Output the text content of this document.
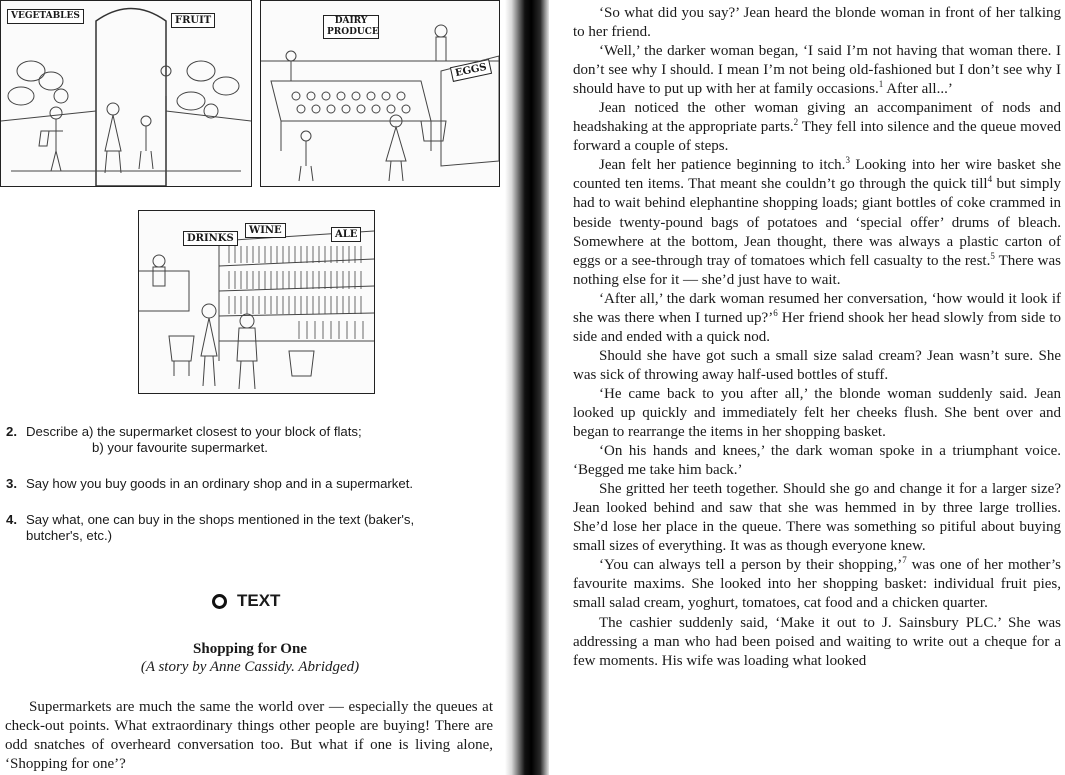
VEGETABLES	FRUIT	DAIRY PRODUCE
EGGS
DRINKS
WINE	ALE
2. Describe a) the supermarket closest to your block of flats;
b) your favourite supermarket.
3. Say how you buy goods in an ordinary shop and in a supermarket.
4. Say what, one can buy in the shops mentioned in the text (baker's,
butcher's, etc.)
TEXT
Shopping for One
(A story by Anne Cassidy. Abridged)
Supermarkets are much the same the world over — especially the queues at check-out points. What extraordinary things other people are buying! There are odd snatches of overheard conversation too. But what if one is living alone, ‘Shopping for one’?

‘So what did you say?’ Jean heard the blonde woman in front of her talking to her friend.

‘Well,’ the darker woman began, ‘I said I’m not having that woman there. I don’t see why I should. I mean I’m not being old-fashioned but I don’t see why I should have to put up with her at family occasions.$^1$ After all...’

Jean noticed the other woman giving an accompaniment of nods and headshaking at the appropriate parts.$^2$ They fell into silence and the queue moved forward a couple of steps.

Jean felt her patience beginning to itch.$^3$ Looking into her wire basket she counted ten items. That meant she couldn’t go through the quick till$^4$ but simply had to wait behind elephantine shopping loads; giant bottles of coke crammed in beside twenty-pound bags of potatoes and ‘special offer’ drums of bleach. Somewhere at the bottom, Jean thought, there was always a plastic carton of eggs or a see-through tray of tomatoes which fell casualty to the rest.$^5$ There was nothing else for it — she’d just have to wait.

‘After all,’ the dark woman resumed her conversation, ‘how would it look if she was there when I turned up?’$^6$ Her friend shook her head slowly from side to side and ended with a quick nod.

Should she have got such a small size salad cream? Jean wasn’t sure. She was sick of throwing away half-used bottles of stuff.

‘He came back to you after all,’ the blonde woman suddenly said. Jean looked up quickly and immediately felt her cheeks flush. She bent over and began to rearrange the items in her shopping basket.

‘On his hands and knees,’ the dark woman spoke in a triumphant voice. ‘Begged me take him back.’

She gritted her teeth together. Should she go and change it for a larger size? Jean looked behind and saw that she was hemmed in by three large trollies. She’d lose her place in the queue. There was something so pitiful about buying small sizes of everything. It was as though everyone knew.

‘You can always tell a person by their shopping,’$^7$ was one of her mother’s favourite maxims. She looked into her shopping basket: individual fruit pies, small salad cream, yoghurt, tomatoes, cat food and a chicken quarter.

The cashier suddenly said, ‘Make it out to J. Sainsbury PLC.’ She was addressing a man who had been poised and waiting to write out a cheque for a few moments. His wife was loading what looked
